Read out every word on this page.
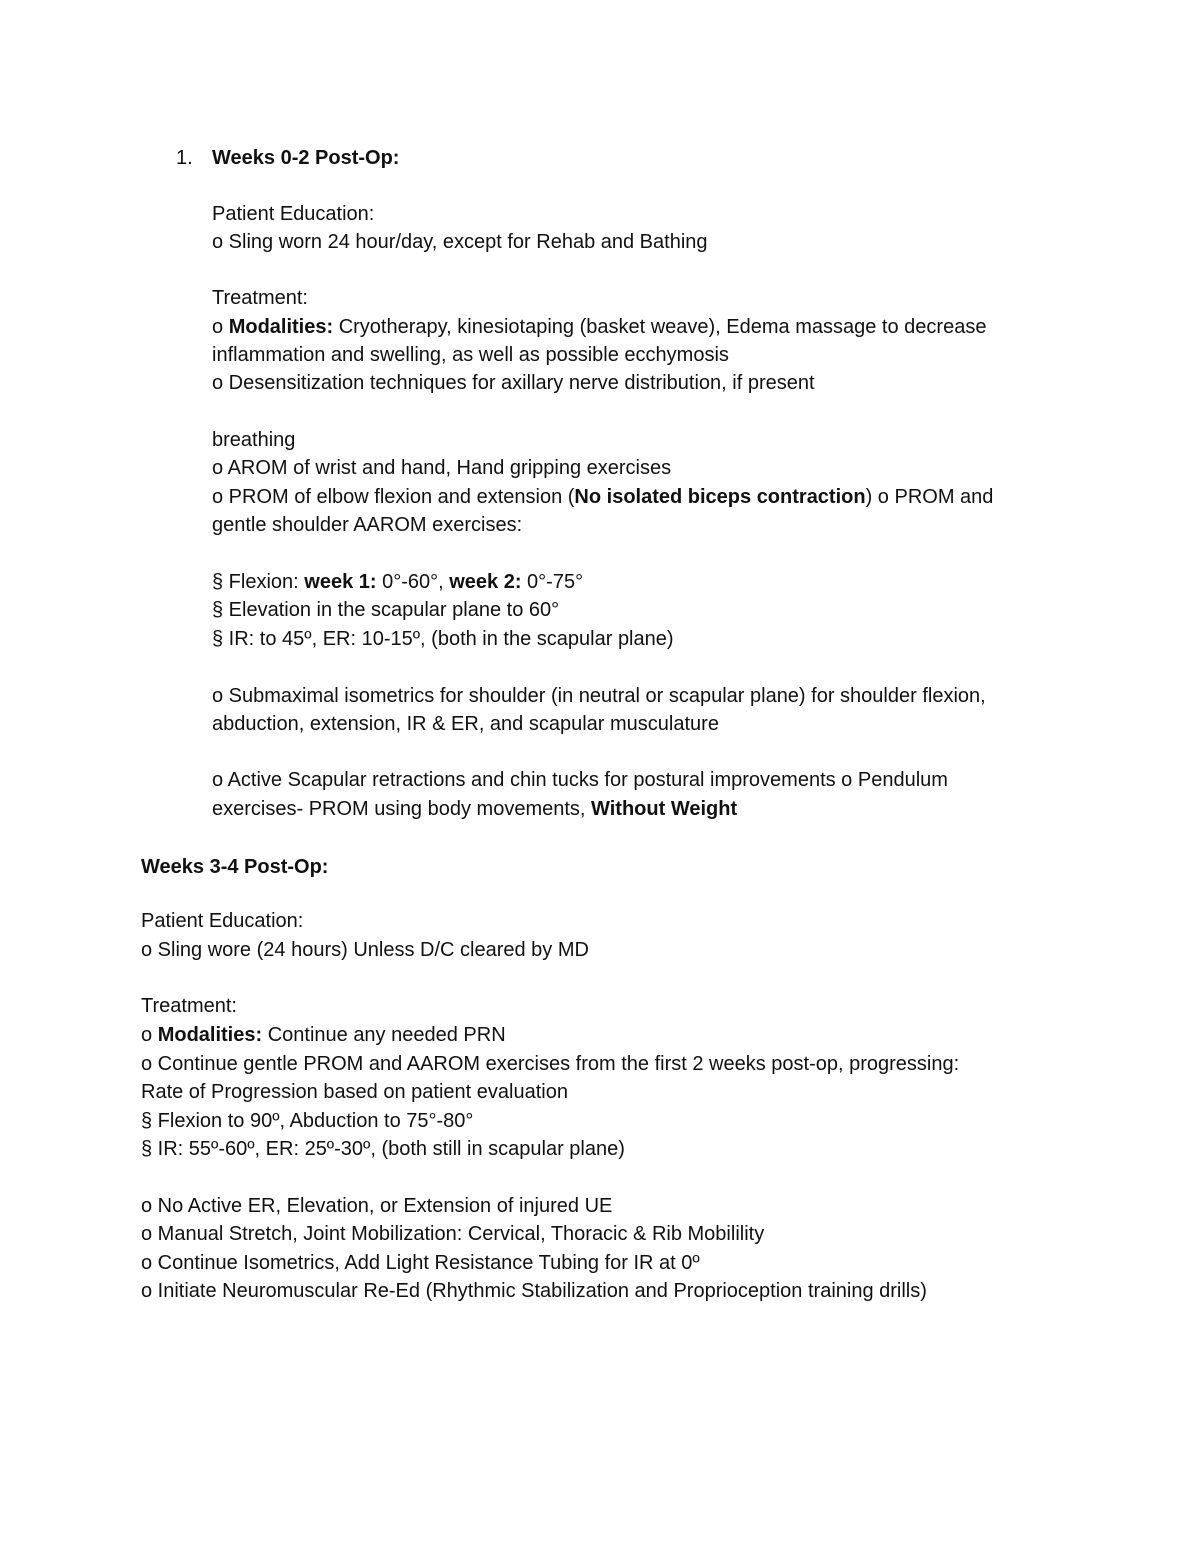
1. Weeks 0-2 Post-Op:

Patient Education:

o Sling worn 24 hour/day, except for Rehab and Bathing

Treatment:

o Modalities: Cryotherapy, kinesiotaping (basket weave), Edema massage to decrease

inflammation and swelling, as well as possible ecchymosis

o Desensitization techniques for axillary nerve distribution, if present

breathing

o AROM of wrist and hand, Hand gripping exercises

o PROM of elbow flexion and extension (No isolated biceps contraction) o PROM and

gentle shoulder AAROM exercises:

§ Flexion: week 1: 0°-60°, week 2: 0°-75°

§ Elevation in the scapular plane to 60°

§ IR: to 45º, ER: 10-15º, (both in the scapular plane)

o Submaximal isometrics for shoulder (in neutral or scapular plane) for shoulder flexion,

abduction, extension, IR & ER, and scapular musculature

o Active Scapular retractions and chin tucks for postural improvements o Pendulum

exercises- PROM using body movements, Without Weight

Weeks 3-4 Post-Op:

Patient Education:

o Sling wore (24 hours) Unless D/C cleared by MD

Treatment:

o Modalities: Continue any needed PRN

o Continue gentle PROM and AAROM exercises from the first 2 weeks post-op, progressing:

Rate of Progression based on patient evaluation

§ Flexion to 90º, Abduction to 75°-80°

§ IR: 55º-60º, ER: 25º-30º, (both still in scapular plane)

o No Active ER, Elevation, or Extension of injured UE

o Manual Stretch, Joint Mobilization: Cervical, Thoracic & Rib Mobilility

o Continue Isometrics, Add Light Resistance Tubing for IR at 0º

o Initiate Neuromuscular Re-Ed (Rhythmic Stabilization and Proprioception training drills)
